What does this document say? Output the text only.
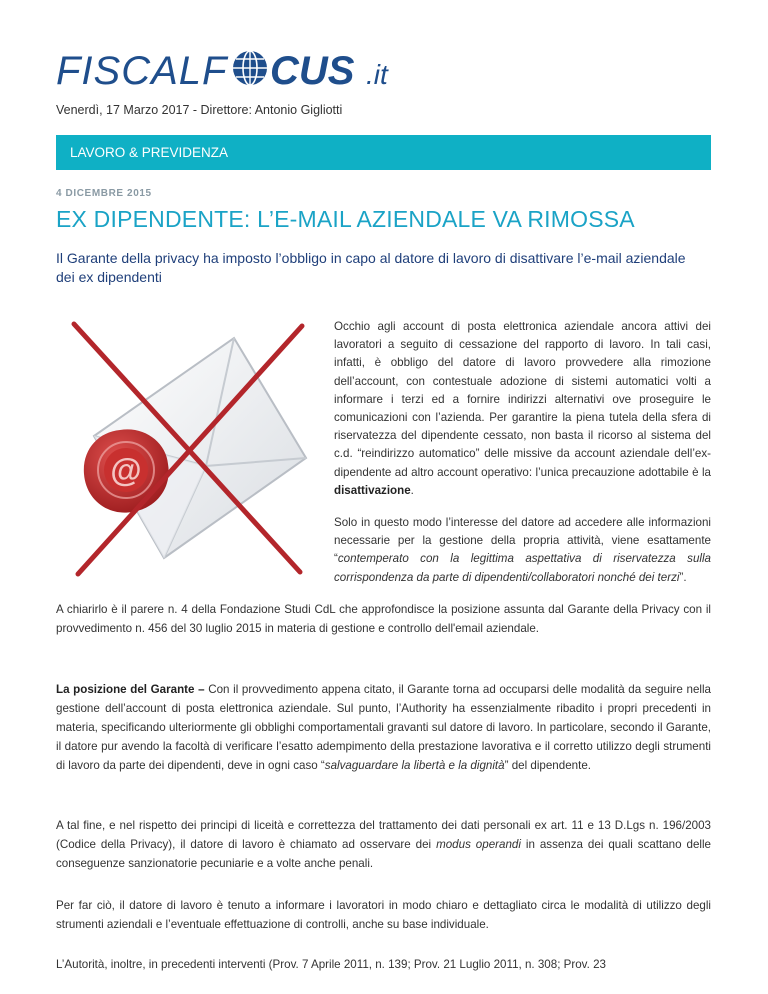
FISCALF CUS .it
Venerdì, 17 Marzo 2017 - Direttore: Antonio Gigliotti
LAVORO & PREVIDENZA
4 DICEMBRE 2015
EX DIPENDENTE: L’E-MAIL AZIENDALE VA RIMOSSA

Il Garante della privacy ha imposto l’obbligo in capo al datore di lavoro di disattivare l’e-mail aziendale dei ex dipendenti

@

Occhio agli account di posta elettronica aziendale ancora attivi dei lavoratori a seguito di cessazione del rapporto di lavoro. In tali casi, infatti, è obbligo del datore di lavoro provvedere alla rimozione dell’account, con contestuale adozione di sistemi automatici volti a informare i terzi ed a fornire indirizzi alternativi ove proseguire le comunicazioni con l’azienda. Per garantire la piena tutela della sfera di riservatezza del dipendente cessato, non basta il ricorso al sistema del c.d. “reindirizzo automatico” delle missive da account aziendale dell’ex-dipendente ad altro account operativo: l’unica precauzione adottabile è la disattivazione.

Solo in questo modo l’interesse del datore ad accedere alle informazioni necessarie per la gestione della propria attività, viene esattamente “contemperato con la legittima aspettativa di riservatezza sulla corrispondenza da parte di dipendenti/collaboratori nonché dei terzi”.

A chiarirlo è il parere n. 4 della Fondazione Studi CdL che approfondisce la posizione assunta dal Garante della Privacy con il provvedimento n. 456 del 30 luglio 2015 in materia di gestione e controllo dell'email aziendale.

La posizione del Garante – Con il provvedimento appena citato, il Garante torna ad occuparsi delle modalità da seguire nella gestione dell’account di posta elettronica aziendale. Sul punto, l’Authority ha essenzialmente ribadito i propri precedenti in materia, specificando ulteriormente gli obblighi comportamentali gravanti sul datore di lavoro. In particolare, secondo il Garante, il datore pur avendo la facoltà di verificare l’esatto adempimento della prestazione lavorativa e il corretto utilizzo degli strumenti di lavoro da parte dei dipendenti, deve in ogni caso “salvaguardare la libertà e la dignità” del dipendente.

A tal fine, e nel rispetto dei principi di liceità e correttezza del trattamento dei dati personali ex art. 11 e 13 D.Lgs n. 196/2003 (Codice della Privacy), il datore di lavoro è chiamato ad osservare dei modus operandi in assenza dei quali scattano delle conseguenze sanzionatorie pecuniarie e a volte anche penali.

Per far ciò, il datore di lavoro è tenuto a informare i lavoratori in modo chiaro e dettagliato circa le modalità di utilizzo degli strumenti aziendali e l’eventuale effettuazione di controlli, anche su base individuale.

L’Autorità, inoltre, in precedenti interventi (Prov. 7 Aprile 2011, n. 139; Prov. 21 Luglio 2011, n. 308; Prov. 23
